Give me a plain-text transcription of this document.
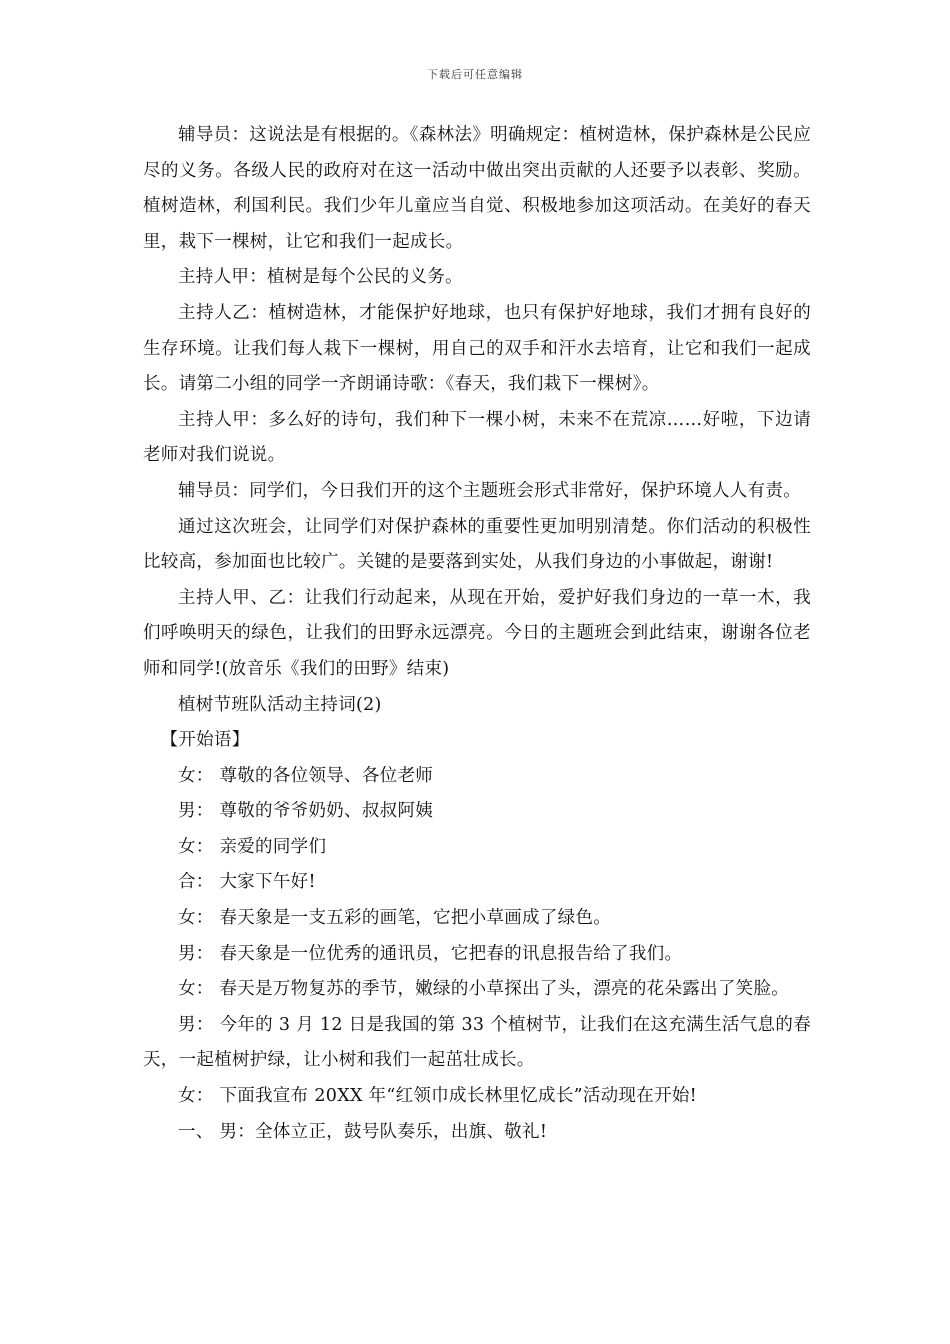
下载后可任意编辑

辅导员：这说法是有根据的。《森林法》明确规定：植树造林，保护森林是公民应尽的义务。各级人民的政府对在这一活动中做出突出贡献的人还要予以表彰、奖励。植树造林，利国利民。我们少年儿童应当自觉、积极地参加这项活动。在美好的春天里，栽下一棵树，让它和我们一起成长。

主持人甲：植树是每个公民的义务。

主持人乙：植树造林，才能保护好地球，也只有保护好地球，我们才拥有良好的生存环境。让我们每人栽下一棵树，用自己的双手和汗水去培育，让它和我们一起成长。请第二小组的同学一齐朗诵诗歌：《春天，我们栽下一棵树》。

主持人甲：多么好的诗句，我们种下一棵小树，未来不在荒凉……好啦，下边请老师对我们说说。

辅导员：同学们，今日我们开的这个主题班会形式非常好，保护环境人人有责。

通过这次班会，让同学们对保护森林的重要性更加明别清楚。你们活动的积极性比较高，参加面也比较广。关键的是要落到实处，从我们身边的小事做起，谢谢!

主持人甲、乙：让我们行动起来，从现在开始，爱护好我们身边的一草一木，我们呼唤明天的绿色，让我们的田野永远漂亮。今日的主题班会到此结束，谢谢各位老师和同学!(放音乐《我们的田野》结束)

植树节班队活动主持词(2)

【开始语】

女： 尊敬的各位领导、各位老师

男： 尊敬的爷爷奶奶、叔叔阿姨

女： 亲爱的同学们

合： 大家下午好!

女： 春天象是一支五彩的画笔，它把小草画成了绿色。

男： 春天象是一位优秀的通讯员，它把春的讯息报告给了我们。

女： 春天是万物复苏的季节，嫩绿的小草探出了头，漂亮的花朵露出了笑脸。

男： 今年的 3 月 12 日是我国的第 33 个植树节，让我们在这充满生活气息的春天，一起植树护绿，让小树和我们一起茁壮成长。

女： 下面我宣布 20XX 年“红领巾成长林里忆成长”活动现在开始!

一、 男：全体立正，鼓号队奏乐，出旗、敬礼!
